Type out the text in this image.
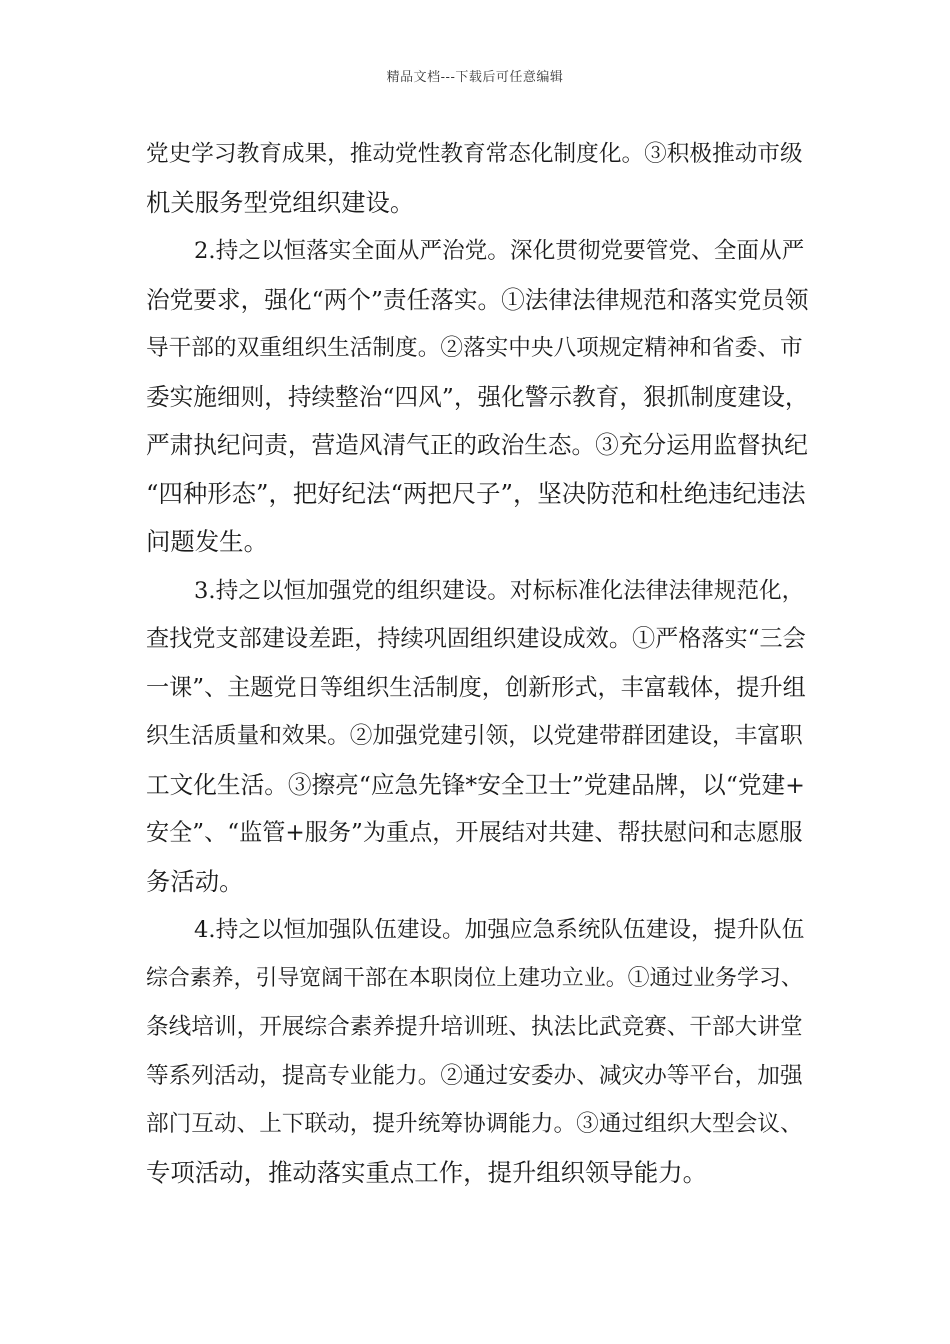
精品文档---下载后可任意编辑
党史学习教育成果，推动党性教育常态化制度化。③积极推动市级
机关服务型党组织建设。
2.持之以恒落实全面从严治党。深化贯彻党要管党、全面从严
治党要求，强化“两个”责任落实。①法律法律规范和落实党员领
导干部的双重组织生活制度。②落实中央八项规定精神和省委、市
委实施细则，持续整治“四风”，强化警示教育，狠抓制度建设，
严肃执纪问责，营造风清气正的政治生态。③充分运用监督执纪
“四种形态”，把好纪法“两把尺子”，坚决防范和杜绝违纪违法
问题发生。
3.持之以恒加强党的组织建设。对标标准化法律法律规范化，
查找党支部建设差距，持续巩固组织建设成效。①严格落实“三会
一课”、主题党日等组织生活制度，创新形式，丰富载体，提升组
织生活质量和效果。②加强党建引领，以党建带群团建设，丰富职
工文化生活。③擦亮“应急先锋*安全卫士”党建品牌，以“党建+
安全”、“监管+服务”为重点，开展结对共建、帮扶慰问和志愿服
务活动。
4.持之以恒加强队伍建设。加强应急系统队伍建设，提升队伍
综合素养，引导宽阔干部在本职岗位上建功立业。①通过业务学习、
条线培训，开展综合素养提升培训班、执法比武竞赛、干部大讲堂
等系列活动，提高专业能力。②通过安委办、减灾办等平台，加强
部门互动、上下联动，提升统筹协调能力。③通过组织大型会议、
专项活动，推动落实重点工作，提升组织领导能力。
